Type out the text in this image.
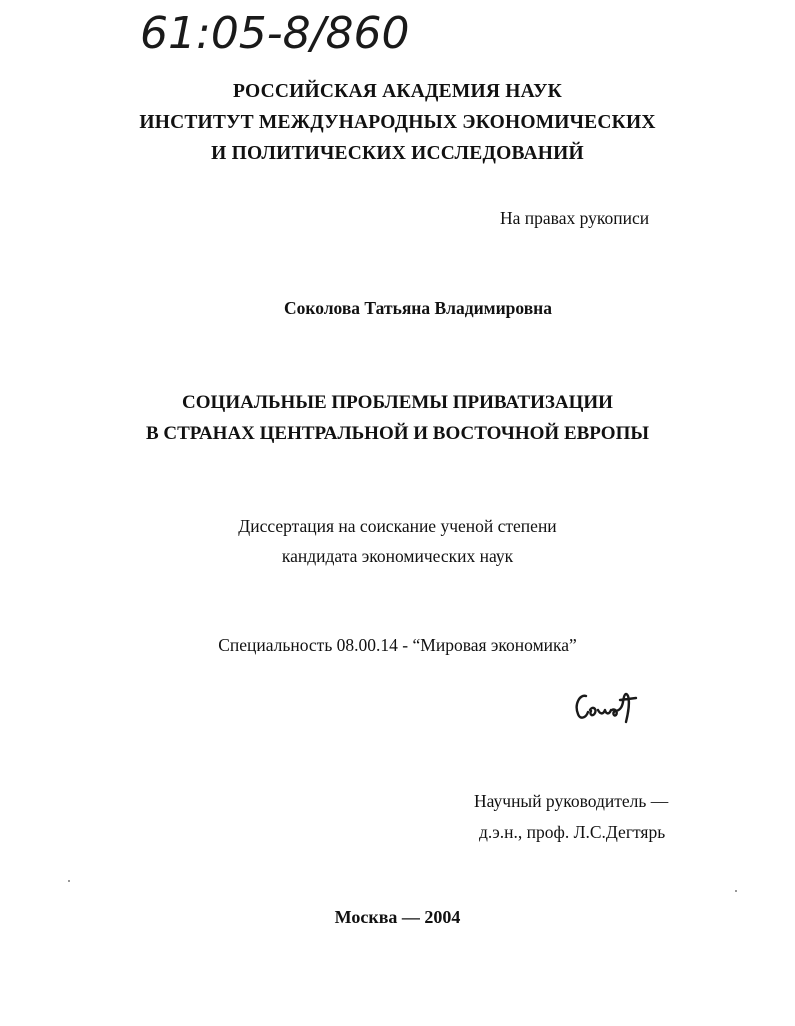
61:05-8/860
РОССИЙСКАЯ АКАДЕМИЯ НАУК
ИНСТИТУТ МЕЖДУНАРОДНЫХ ЭКОНОМИЧЕСКИХ
И ПОЛИТИЧЕСКИХ ИССЛЕДОВАНИЙ
На правах рукописи
Соколова Татьяна Владимировна
СОЦИАЛЬНЫЕ ПРОБЛЕМЫ ПРИВАТИЗАЦИИ
В СТРАНАХ ЦЕНТРАЛЬНОЙ И ВОСТОЧНОЙ ЕВРОПЫ
Диссертация на соискание ученой степени
кандидата экономических наук
Специальность 08.00.14 - “Мировая экономика”
Научный руководитель —
д.э.н., проф. Л.С.Дегтярь
Москва — 2004
